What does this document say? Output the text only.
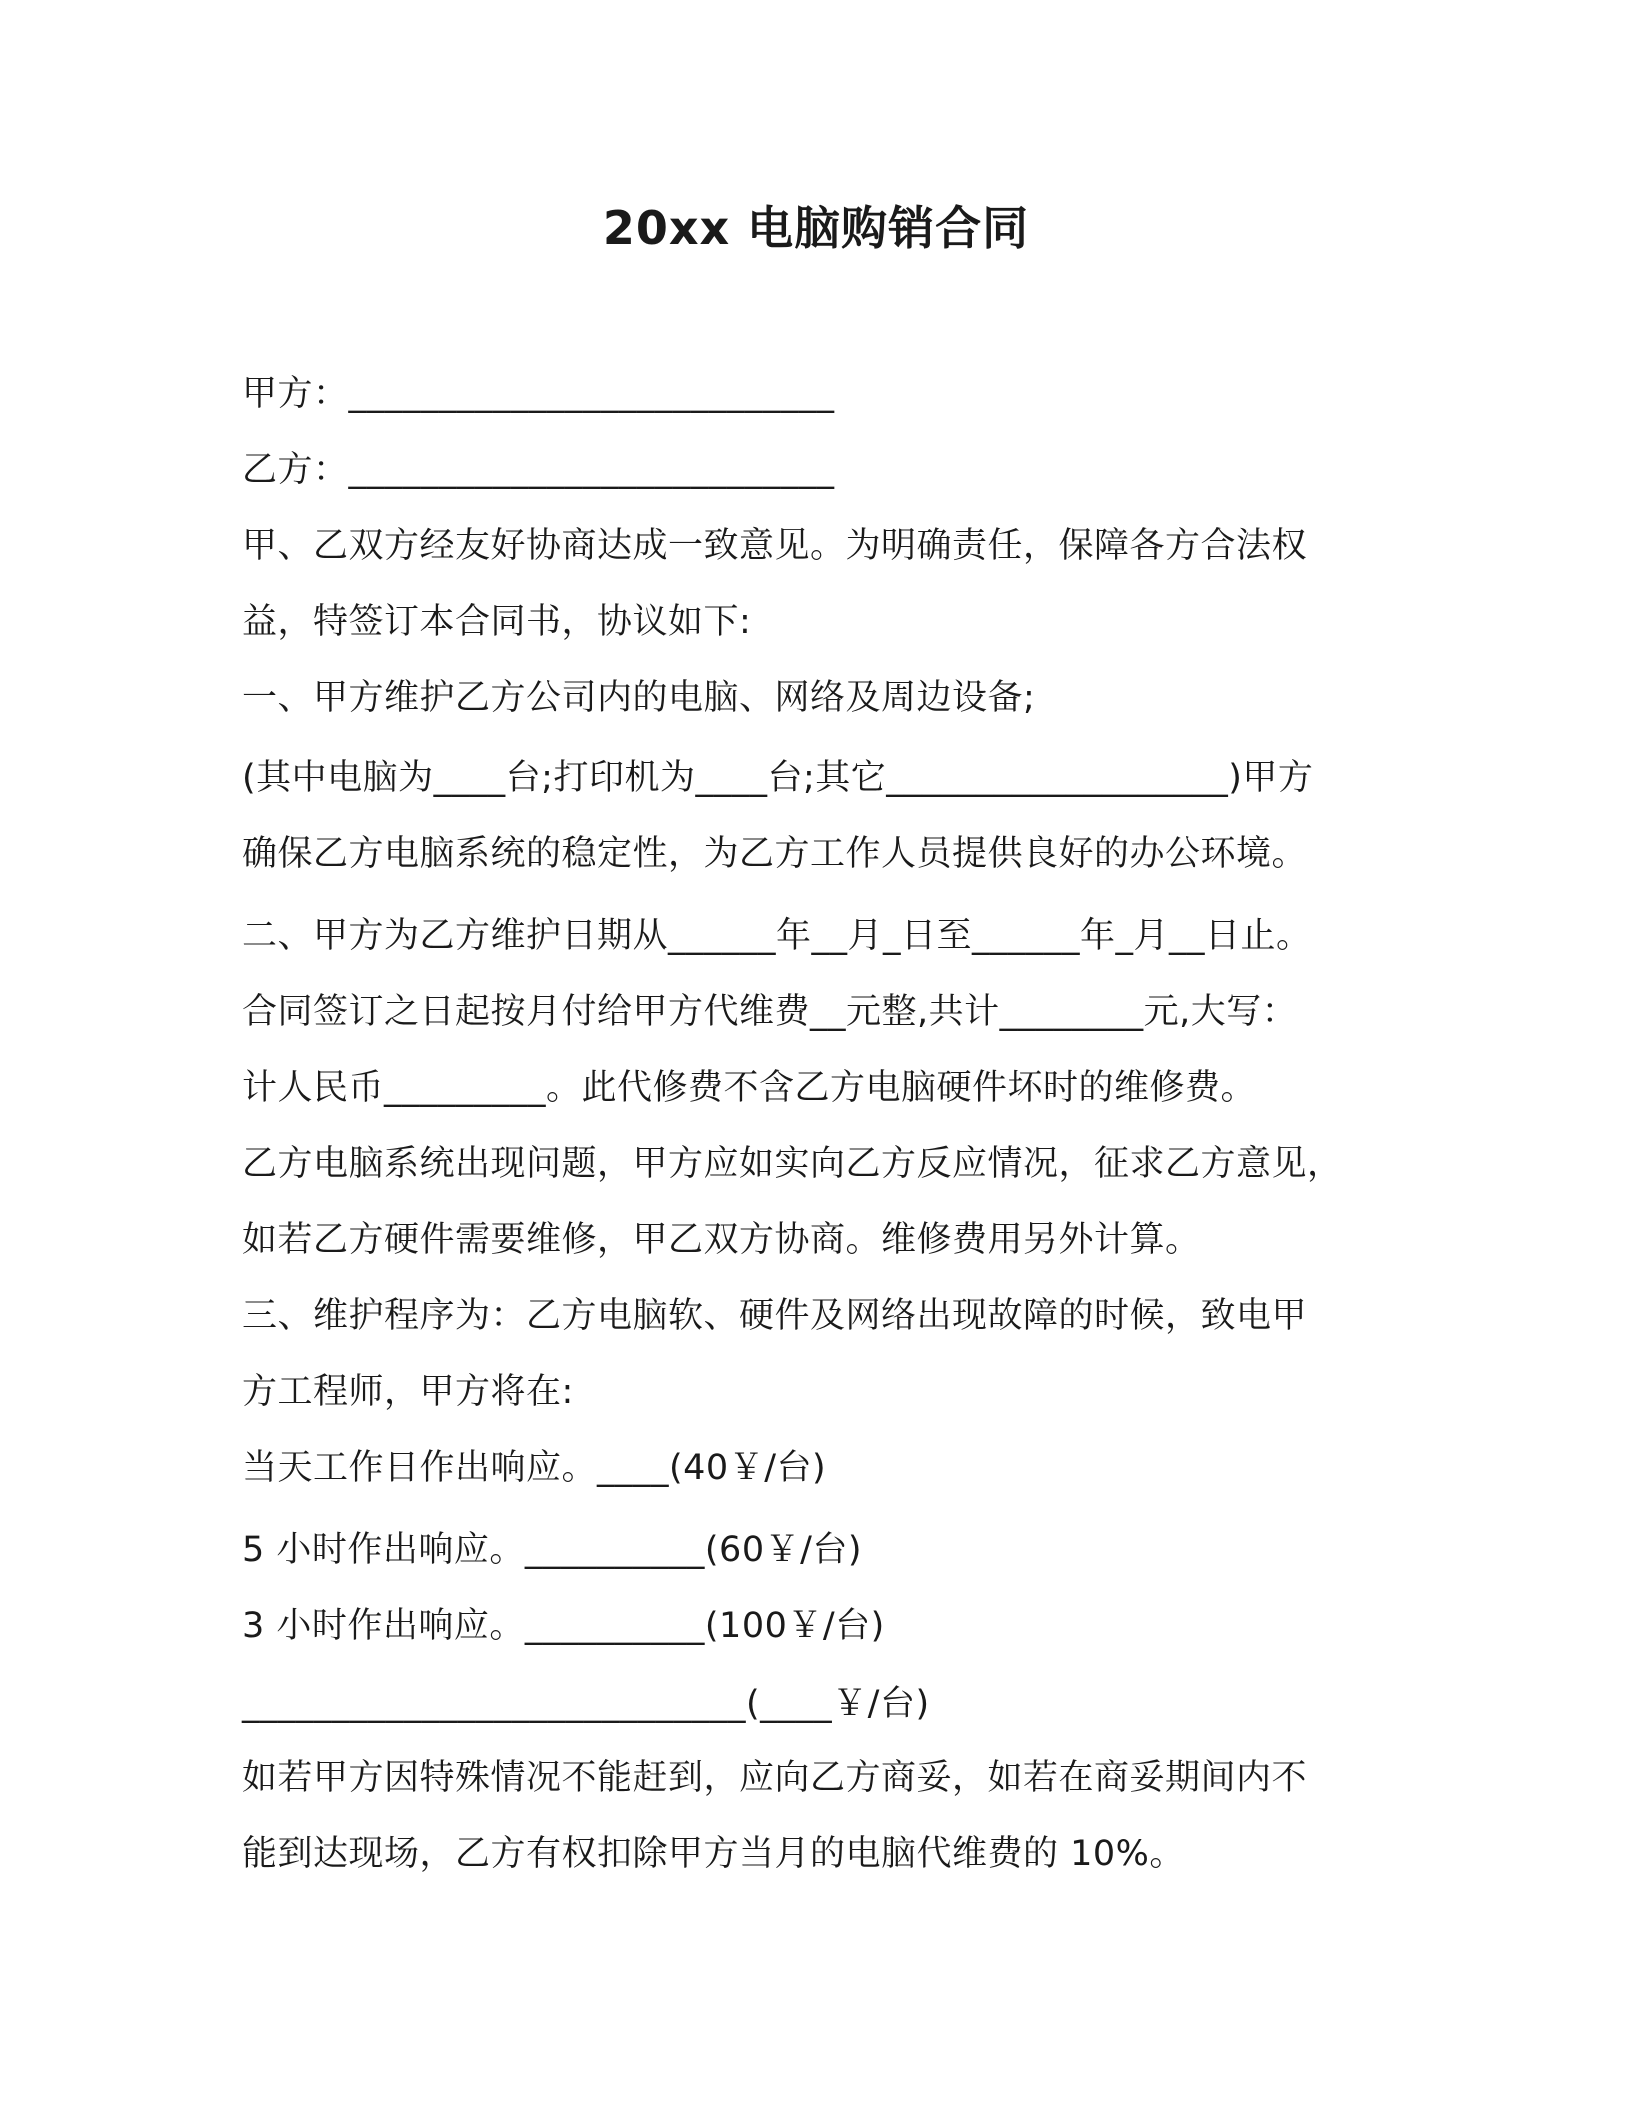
20xx 电脑购销合同
甲方：___________________________
乙方：___________________________
甲、乙双方经友好协商达成一致意见。为明确责任，保障各方合法权
益，特签订本合同书，协议如下:
一、甲方维护乙方公司内的电脑、网络及周边设备;
(其中电脑为____台;打印机为____台;其它___________________)甲方
确保乙方电脑系统的稳定性，为乙方工作人员提供良好的办公环境。
二、甲方为乙方维护日期从______年__月_日至______年_月__日止。
合同签订之日起按月付给甲方代维费__元整,共计________元,大写：
计人民币_________。此代修费不含乙方电脑硬件坏时的维修费。
乙方电脑系统出现问题，甲方应如实向乙方反应情况，征求乙方意见，
如若乙方硬件需要维修，甲乙双方协商。维修费用另外计算。
三、维护程序为：乙方电脑软、硬件及网络出现故障的时候，致电甲
方工程师，甲方将在:
当天工作日作出响应。____(40￥/台)
5 小时作出响应。__________(60￥/台)
3 小时作出响应。__________(100￥/台)
____________________________(____￥/台)
如若甲方因特殊情况不能赶到，应向乙方商妥，如若在商妥期间内不
能到达现场，乙方有权扣除甲方当月的电脑代维费的 10%。
